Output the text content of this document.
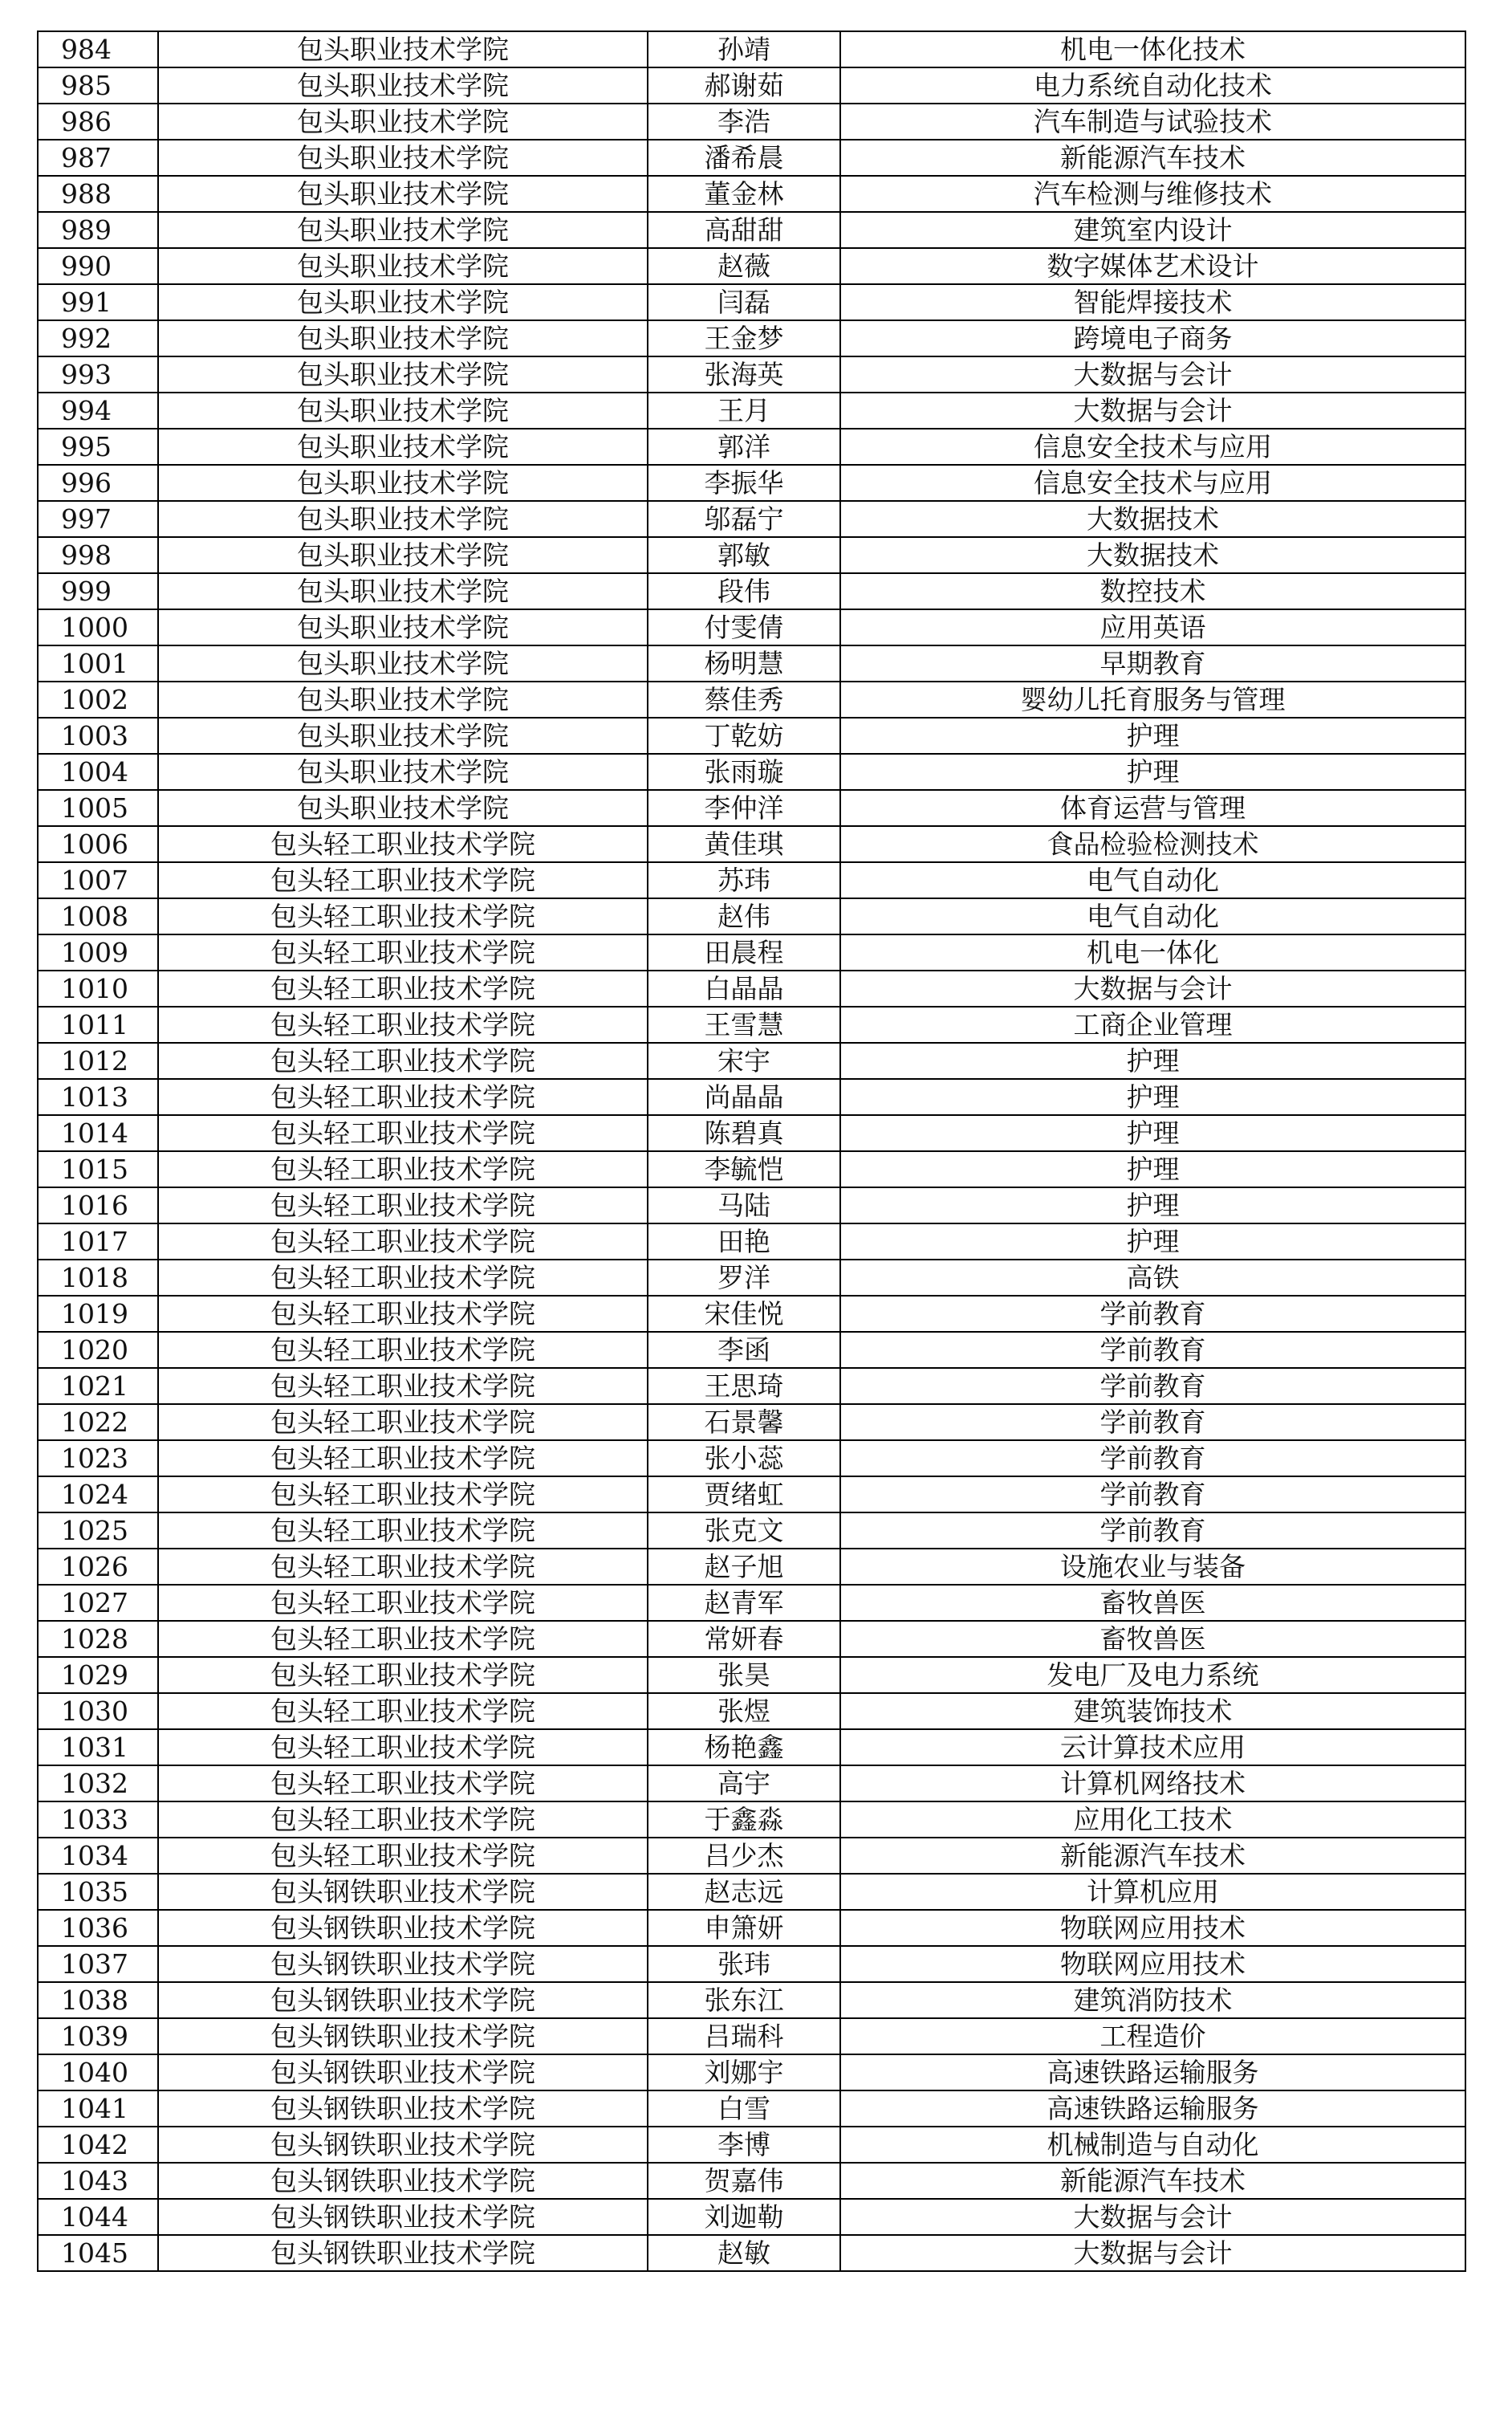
984	包头职业技术学院	孙靖	机电一体化技术
985	包头职业技术学院	郝谢茹	电力系统自动化技术
986	包头职业技术学院	李浩	汽车制造与试验技术
987	包头职业技术学院	潘希晨	新能源汽车技术
988	包头职业技术学院	董金林	汽车检测与维修技术
989	包头职业技术学院	高甜甜	建筑室内设计
990	包头职业技术学院	赵薇	数字媒体艺术设计
991	包头职业技术学院	闫磊	智能焊接技术
992	包头职业技术学院	王金梦	跨境电子商务
993	包头职业技术学院	张海英	大数据与会计
994	包头职业技术学院	王月	大数据与会计
995	包头职业技术学院	郭洋	信息安全技术与应用
996	包头职业技术学院	李振华	信息安全技术与应用
997	包头职业技术学院	邬磊宁	大数据技术
998	包头职业技术学院	郭敏	大数据技术
999	包头职业技术学院	段伟	数控技术
1000	包头职业技术学院	付雯倩	应用英语
1001	包头职业技术学院	杨明慧	早期教育
1002	包头职业技术学院	蔡佳秀	婴幼儿托育服务与管理
1003	包头职业技术学院	丁乾妨	护理
1004	包头职业技术学院	张雨璇	护理
1005	包头职业技术学院	李仲洋	体育运营与管理
1006	包头轻工职业技术学院	黄佳琪	食品检验检测技术
1007	包头轻工职业技术学院	苏玮	电气自动化
1008	包头轻工职业技术学院	赵伟	电气自动化
1009	包头轻工职业技术学院	田晨程	机电一体化
1010	包头轻工职业技术学院	白晶晶	大数据与会计
1011	包头轻工职业技术学院	王雪慧	工商企业管理
1012	包头轻工职业技术学院	宋宇	护理
1013	包头轻工职业技术学院	尚晶晶	护理
1014	包头轻工职业技术学院	陈碧真	护理
1015	包头轻工职业技术学院	李毓恺	护理
1016	包头轻工职业技术学院	马陆	护理
1017	包头轻工职业技术学院	田艳	护理
1018	包头轻工职业技术学院	罗洋	高铁
1019	包头轻工职业技术学院	宋佳悦	学前教育
1020	包头轻工职业技术学院	李函	学前教育
1021	包头轻工职业技术学院	王思琦	学前教育
1022	包头轻工职业技术学院	石景馨	学前教育
1023	包头轻工职业技术学院	张小蕊	学前教育
1024	包头轻工职业技术学院	贾绪虹	学前教育
1025	包头轻工职业技术学院	张克文	学前教育
1026	包头轻工职业技术学院	赵子旭	设施农业与装备
1027	包头轻工职业技术学院	赵青军	畜牧兽医
1028	包头轻工职业技术学院	常妍春	畜牧兽医
1029	包头轻工职业技术学院	张昊	发电厂及电力系统
1030	包头轻工职业技术学院	张煜	建筑装饰技术
1031	包头轻工职业技术学院	杨艳鑫	云计算技术应用
1032	包头轻工职业技术学院	高宇	计算机网络技术
1033	包头轻工职业技术学院	于鑫淼	应用化工技术
1034	包头轻工职业技术学院	吕少杰	新能源汽车技术
1035	包头钢铁职业技术学院	赵志远	计算机应用
1036	包头钢铁职业技术学院	申箫妍	物联网应用技术
1037	包头钢铁职业技术学院	张玮	物联网应用技术
1038	包头钢铁职业技术学院	张东江	建筑消防技术
1039	包头钢铁职业技术学院	吕瑞科	工程造价
1040	包头钢铁职业技术学院	刘娜宇	高速铁路运输服务
1041	包头钢铁职业技术学院	白雪	高速铁路运输服务
1042	包头钢铁职业技术学院	李博	机械制造与自动化
1043	包头钢铁职业技术学院	贺嘉伟	新能源汽车技术
1044	包头钢铁职业技术学院	刘迦勒	大数据与会计
1045	包头钢铁职业技术学院	赵敏	大数据与会计
